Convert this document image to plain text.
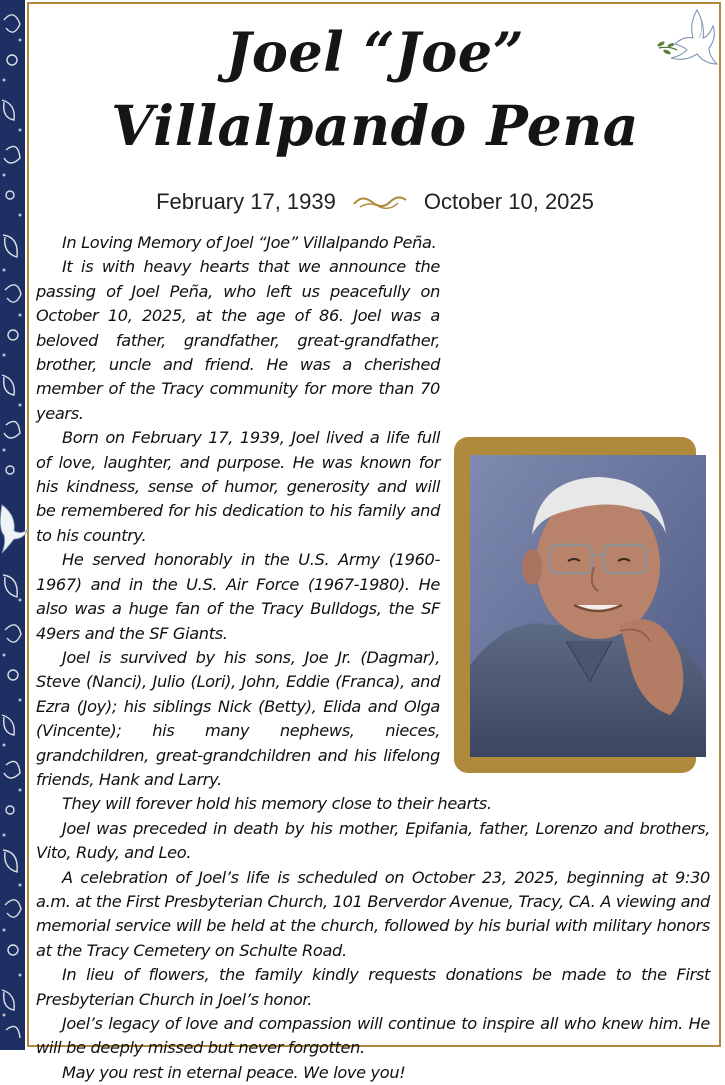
Joel “Joe”
Villalpando Pena
February 17, 1939	October 10, 2025

In Loving Memory of Joel “Joe” Villalpando Peña.

It is with heavy hearts that we announce the passing of Joel Peña, who left us peacefully on October 10, 2025, at the age of 86. Joel was a beloved father, grandfather, great-grandfather, brother, uncle and friend. He was a cherished member of the Tracy community for more than 70 years.

Born on February 17, 1939, Joel lived a life full of love, laughter, and purpose. He was known for his kindness, sense of humor, generosity and will be remembered for his dedication to his family and to his country.

He served honorably in the U.S. Army (1960-1967) and in the U.S. Air Force (1967-1980). He also was a huge fan of the Tracy Bulldogs, the SF 49ers and the SF Giants.

Joel is survived by his sons, Joe Jr. (Dagmar), Steve (Nanci), Julio (Lori), John, Eddie (Franca), and Ezra (Joy); his siblings Nick (Betty), Elida and Olga (Vincente); his many nephews, nieces, grandchildren, great-grandchildren and his lifelong friends, Hank and Larry.

They will forever hold his memory close to their hearts.

Joel was preceded in death by his mother, Epifania, father, Lorenzo and brothers, Vito, Rudy, and Leo.

A celebration of Joel’s life is scheduled on October 23, 2025, beginning at 9:30 a.m. at the First Presbyterian Church, 101 Berverdor Avenue, Tracy, CA. A viewing and memorial service will be held at the church, followed by his burial with military honors at the Tracy Cemetery on Schulte Road.

In lieu of flowers, the family kindly requests donations be made to the First Presbyterian Church in Joel’s honor.

Joel’s legacy of love and compassion will continue to inspire all who knew him. He will be deeply missed but never forgotten.

May you rest in eternal peace. We love you!
